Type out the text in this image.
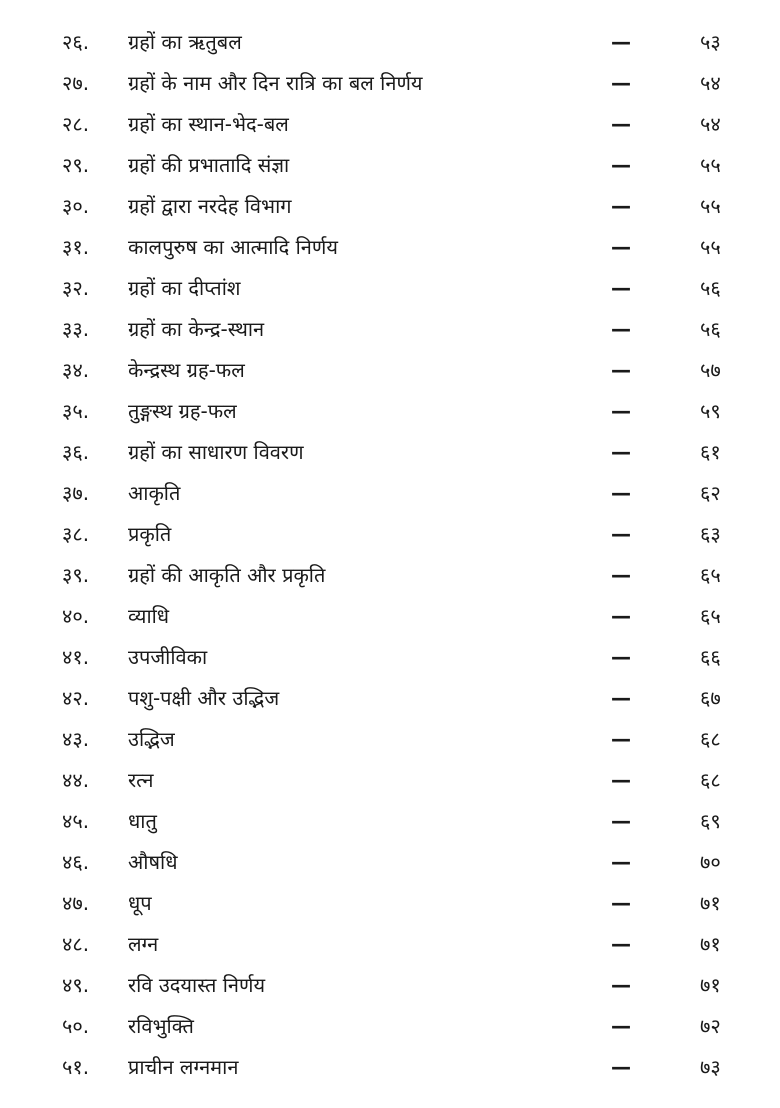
२६.	ग्रहों का ऋतुबल	—	५३
२७.	ग्रहों के नाम और दिन रात्रि का बल निर्णय	—	५४
२८.	ग्रहों का स्थान-भेद-बल	—	५४
२९.	ग्रहों की प्रभातादि संज्ञा	—	५५
३०.	ग्रहों द्वारा नरदेह विभाग	—	५५
३१.	कालपुरुष का आत्मादि निर्णय	—	५५
३२.	ग्रहों का दीप्तांश	—	५६
३३.	ग्रहों का केन्द्र-स्थान	—	५६
३४.	केन्द्रस्थ ग्रह-फल	—	५७
३५.	तुङ्गस्थ ग्रह-फल	—	५९
३६.	ग्रहों का साधारण विवरण	—	६१
३७.	आकृति	—	६२
३८.	प्रकृति	—	६३
३९.	ग्रहों की आकृति और प्रकृति	—	६५
४०.	व्याधि	—	६५
४१.	उपजीविका	—	६६
४२.	पशु-पक्षी और उद्भिज	—	६७
४३.	उद्भिज	—	६८
४४.	रत्न	—	६८
४५.	धातु	—	६९
४६.	औषधि	—	७०
४७.	धूप	—	७१
४८.	लग्न	—	७१
४९.	रवि उदयास्त निर्णय	—	७१
५०.	रविभुक्ति	—	७२
५१.	प्राचीन लग्नमान	—	७३
